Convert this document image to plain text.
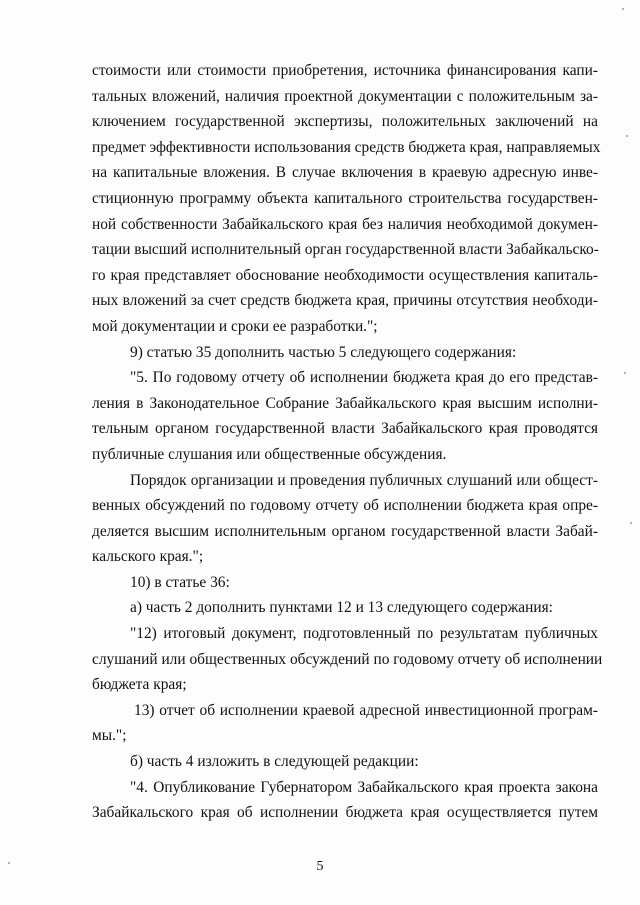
стоимости или стоимости приобретения, источника финансирования капи-
тальных вложений, наличия проектной документации с положительным за-
ключением государственной экспертизы, положительных заключений на
предмет эффективности использования средств бюджета края, направляемых
на капитальные вложения. В случае включения в краевую адресную инве-
стиционную программу объекта капитального строительства государствен-
ной собственности Забайкальского края без наличия необходимой докумен-
тации высший исполнительный орган государственной власти Забайкальско-
го края представляет обоснование необходимости осуществления капиталь-
ных вложений за счет средств бюджета края, причины отсутствия необходи-
мой документации и сроки ее разработки.";
9) статью 35 дополнить частью 5 следующего содержания:
"5. По годовому отчету об исполнении бюджета края до его представ-
ления в Законодательное Собрание Забайкальского края высшим исполни-
тельным органом государственной власти Забайкальского края проводятся
публичные слушания или общественные обсуждения.
Порядок организации и проведения публичных слушаний или общест-
венных обсуждений по годовому отчету об исполнении бюджета края опре-
деляется высшим исполнительным органом государственной власти Забай-
кальского края.";
10) в статье 36:
а) часть 2 дополнить пунктами 12 и 13 следующего содержания:
"12) итоговый документ, подготовленный по результатам публичных
слушаний или общественных обсуждений по годовому отчету об исполнении
бюджета края;
13) отчет об исполнении краевой адресной инвестиционной програм-
мы.";
б) часть 4 изложить в следующей редакции:
"4. Опубликование Губернатором Забайкальского края проекта закона
Забайкальского края об исполнении бюджета края осуществляется путем
5
